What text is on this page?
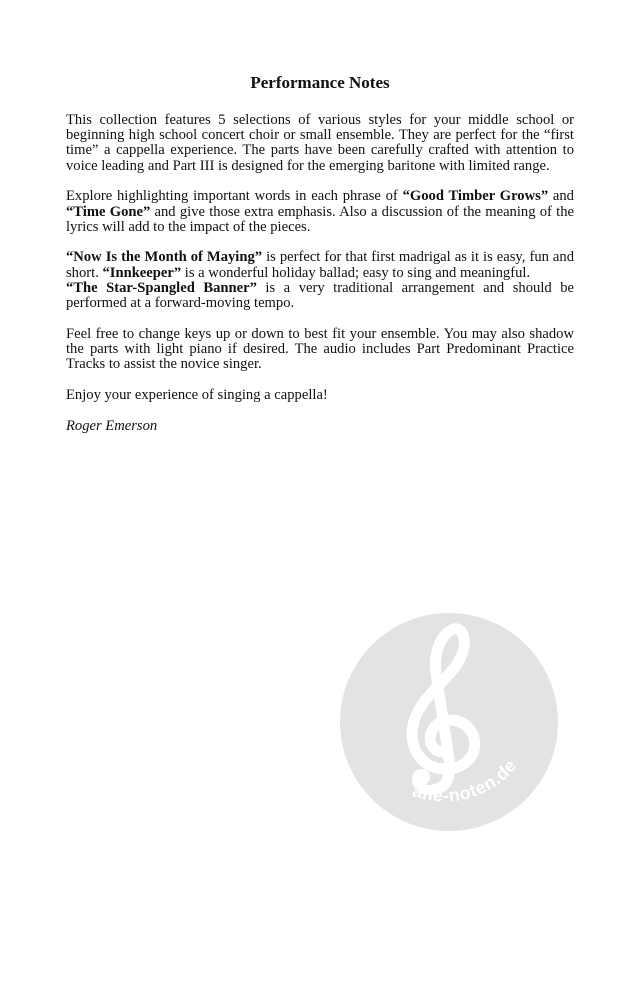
Performance Notes

This collection features 5 selections of various styles for your middle school or beginning high school concert choir or small ensemble. They are perfect for the “first time” a cappella experience. The parts have been carefully crafted with attention to voice leading and Part III is designed for the emerging baritone with limited range.

Explore highlighting important words in each phrase of “Good Timber Grows” and “Time Gone” and give those extra emphasis. Also a discussion of the meaning of the lyrics will add to the impact of the pieces.

“Now Is the Month of Maying” is perfect for that first madrigal as it is easy, fun and short. “Innkeeper” is a wonderful holiday ballad; easy to sing and meaningful.
“The Star-Spangled Banner” is a very traditional arrangement and should be performed at a forward-moving tempo.

Feel free to change keys up or down to best fit your ensemble. You may also shadow the parts with light piano if desired. The audio includes Part Predominant Practice Tracks to assist the novice singer.

Enjoy your experience of singing a cappella!

Roger Emerson

alle-noten.de
